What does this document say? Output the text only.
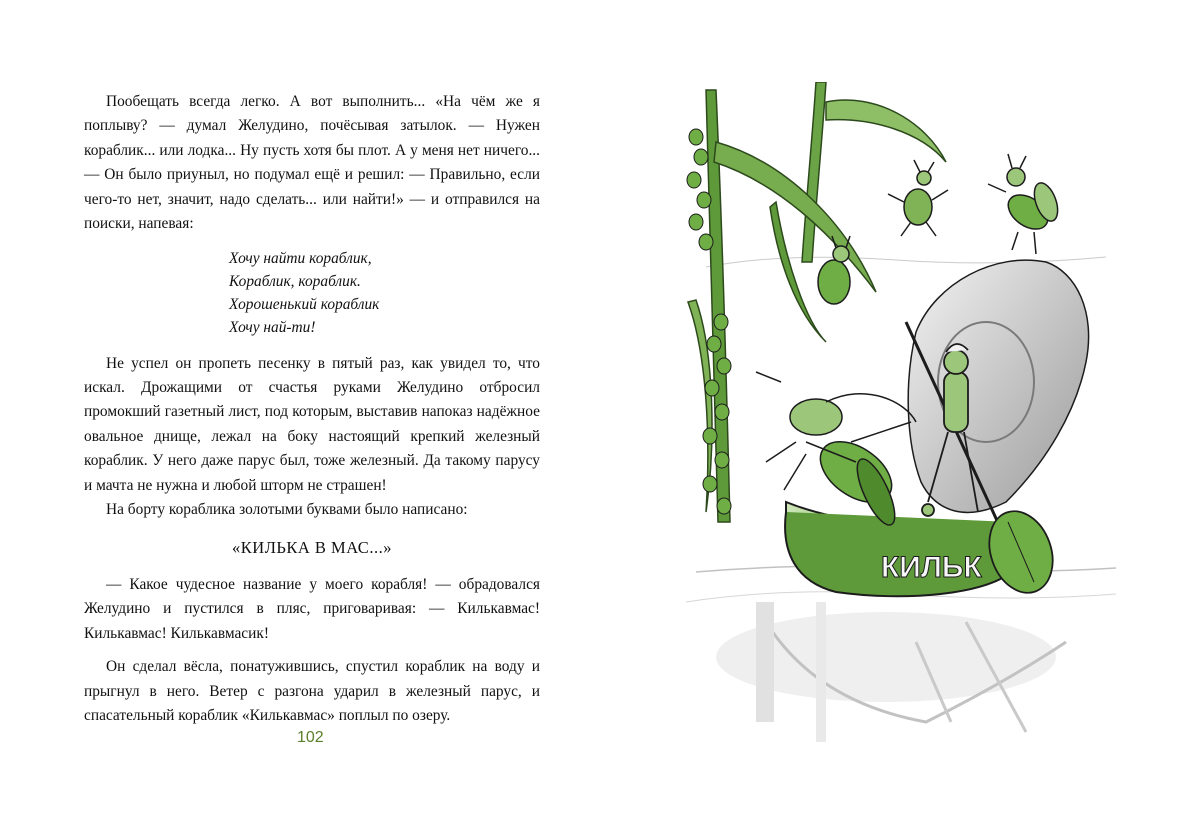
Пообещать всегда легко. А вот выполнить... «На чём же я поплыву? — думал Желудино, почёсывая затылок. — Нужен кораблик... или лодка... Ну пусть хотя бы плот. А у меня нет ничего... — Он было приуныл, но подумал ещё и решил: — Правильно, если чего-то нет, значит, надо сделать... или найти!» — и отправился на поиски, напевая:

Хочу найти кораблик,
Кораблик, кораблик.
Хорошенький кораблик
Хочу най-ти!

Не успел он пропеть песенку в пятый раз, как увидел то, что искал. Дрожащими от счастья руками Желудино отбросил промокший газетный лист, под которым, выставив напоказ надёжное овальное днище, лежал на боку настоящий крепкий железный кораблик. У него даже парус был, тоже железный. Да такому парусу и мачта не нужна и любой шторм не страшен!

На борту кораблика золотыми буквами было написано:

«КИЛЬКА В МАС...»

— Какое чудесное название у моего корабля! — обрадовался Желудино и пустился в пляс, приговаривая: — Килькавмас! Килькавмас! Килькавмасик!

Он сделал вёсла, понатужившись, спустил кораблик на воду и прыгнул в него. Ветер с разгона ударил в железный парус, и спасательный кораблик «Килькавмас» поплыл по озеру.

102
КИЛЬК
